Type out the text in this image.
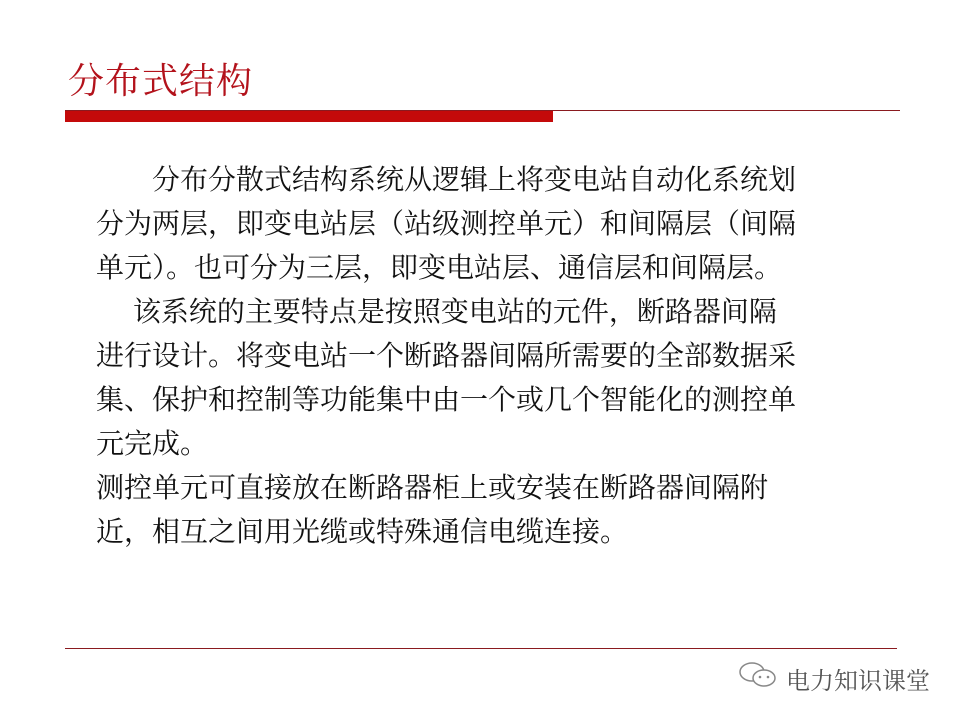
分布式结构
　　分布分散式结构系统从逻辑上将变电站自动化系统划
分为两层，即变电站层（站级测控单元）和间隔层（间隔
单元）。也可分为三层，即变电站层、通信层和间隔层。
　 该系统的主要特点是按照变电站的元件，断路器间隔
进行设计。将变电站一个断路器间隔所需要的全部数据采
集、保护和控制等功能集中由一个或几个智能化的测控单
元完成。
测控单元可直接放在断路器柜上或安装在断路器间隔附
近，相互之间用光缆或特殊通信电缆连接。
电力知识课堂
